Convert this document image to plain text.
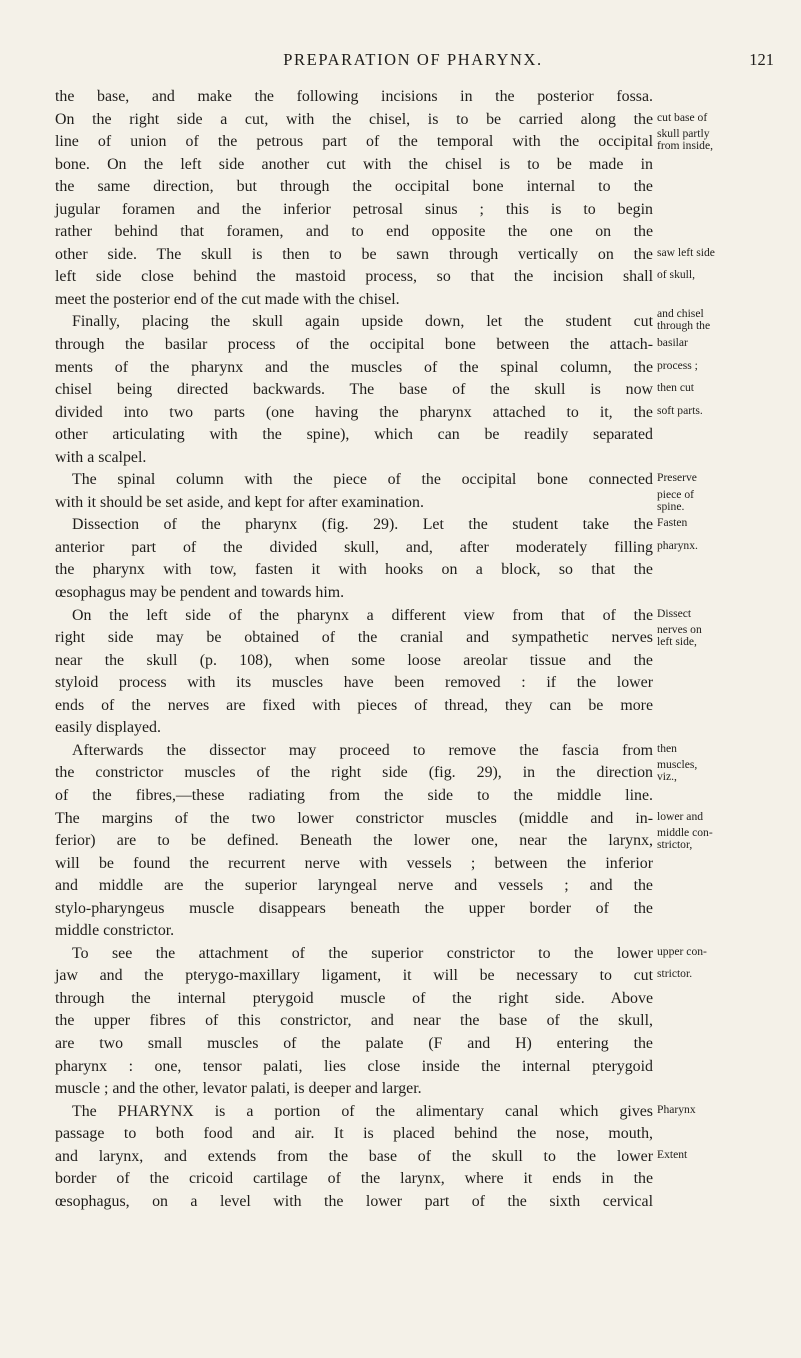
PREPARATION OF PHARYNX.	121
the base, and make the following incisions in the posterior fossa.
On the right side a cut, with the chisel, is to be carried along the cut base of
line of union of the petrous part of the temporal with the occipital skull partly
from inside,
bone. On the left side another cut with the chisel is to be made in
the same direction, but through the occipital bone internal to the
jugular foramen and the inferior petrosal sinus ; this is to begin
rather behind that foramen, and to end opposite the one on the
other side. The skull is then to be sawn through vertically on the saw left side
left side close behind the mastoid process, so that the incision shall of skull,
meet the posterior end of the cut made with the chisel.
Finally, placing the skull again upside down, let the student cut and chisel
through the
through the basilar process of the occipital bone between the attach- basilar
ments of the pharynx and the muscles of the spinal column, the process ;
chisel being directed backwards. The base of the skull is now then cut
divided into two parts (one having the pharynx attached to it, the soft parts.
other articulating with the spine), which can be readily separated
with a scalpel.
The spinal column with the piece of the occipital bone connected Preserve
with it should be set aside, and kept for after examination.	piece of
spine.
Dissection of the pharynx (fig. 29). Let the student take the Fasten
anterior part of the divided skull, and, after moderately filling pharynx.
the pharynx with tow, fasten it with hooks on a block, so that the
œsophagus may be pendent and towards him.
On the left side of the pharynx a different view from that of the Dissect
right side may be obtained of the cranial and sympathetic nerves nerves on
left side,
near the skull (p. 108), when some loose areolar tissue and the
styloid process with its muscles have been removed : if the lower
ends of the nerves are fixed with pieces of thread, they can be more
easily displayed.
Afterwards the dissector may proceed to remove the fascia from then
the constrictor muscles of the right side (fig. 29), in the direction muscles,
viz.,
of the fibres,—these radiating from the side to the middle line.
The margins of the two lower constrictor muscles (middle and in- lower and
ferior) are to be defined. Beneath the lower one, near the larynx, middle con-
strictor,
will be found the recurrent nerve with vessels ; between the inferior
and middle are the superior laryngeal nerve and vessels ; and the
stylo-pharyngeus muscle disappears beneath the upper border of the
middle constrictor.
To see the attachment of the superior constrictor to the lower upper con-
jaw and the pterygo-maxillary ligament, it will be necessary to cut strictor.
through the internal pterygoid muscle of the right side. Above
the upper fibres of this constrictor, and near the base of the skull,
are two small muscles of the palate (F and H) entering the
pharynx : one, tensor palati, lies close inside the internal pterygoid
muscle ; and the other, levator palati, is deeper and larger.
The PHARYNX is a portion of the alimentary canal which gives Pharynx
passage to both food and air. It is placed behind the nose, mouth,
and larynx, and extends from the base of the skull to the lower Extent
border of the cricoid cartilage of the larynx, where it ends in the
œsophagus, on a level with the lower part of the sixth cervical
